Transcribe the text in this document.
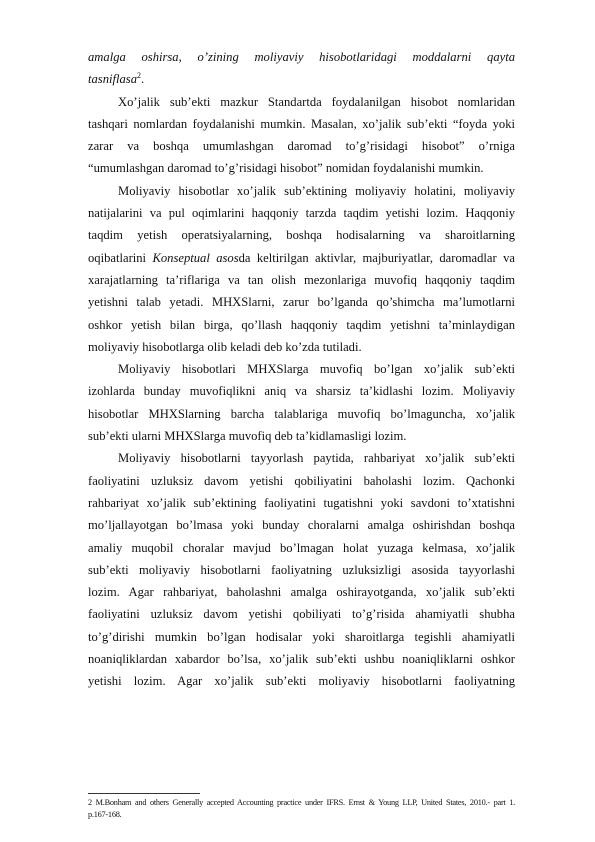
amalga oshirsa, o’zining moliyaviy hisobotlaridagi moddalarni qayta
tasniflasa$^2$.
Xo’jalik sub’ekti mazkur Standartda foydalanilgan hisobot nomlaridan
tashqari nomlardan foydalanishi mumkin. Masalan, xo’jalik sub’ekti “foyda yoki
zarar va boshqa umumlashgan daromad to’g’risidagi hisobot” o’rniga
“umumlashgan daromad to’g’risidagi hisobot” nomidan foydalanishi mumkin.
Moliyaviy hisobotlar xo’jalik sub’ektining moliyaviy holatini, moliyaviy
natijalarini va pul oqimlarini haqqoniy tarzda taqdim yetishi lozim. Haqqoniy
taqdim yetish operatsiyalarning, boshqa hodisalarning va sharoitlarning
oqibatlarini Konseptual asosda keltirilgan aktivlar, majburiyatlar, daromadlar va
xarajatlarning ta’riflariga va tan olish mezonlariga muvofiq haqqoniy taqdim
yetishni talab yetadi. MHXSlarni, zarur bo’lganda qo’shimcha ma’lumotlarni
oshkor yetish bilan birga, qo’llash haqqoniy taqdim yetishni ta’minlaydigan
moliyaviy hisobotlarga olib keladi deb ko’zda tutiladi.
Moliyaviy hisobotlari MHXSlarga muvofiq bo’lgan xo’jalik sub’ekti
izohlarda bunday muvofiqlikni aniq va sharsiz ta’kidlashi lozim. Moliyaviy
hisobotlar MHXSlarning barcha talablariga muvofiq bo’lmaguncha, xo’jalik
sub’ekti ularni MHXSlarga muvofiq deb ta’kidlamasligi lozim.
Moliyaviy hisobotlarni tayyorlash paytida, rahbariyat xo’jalik sub’ekti
faoliyatini uzluksiz davom yetishi qobiliyatini baholashi lozim. Qachonki
rahbariyat xo’jalik sub’ektining faoliyatini tugatishni yoki savdoni to’xtatishni
mo’ljallayotgan bo’lmasa yoki bunday choralarni amalga oshirishdan boshqa
amaliy muqobil choralar mavjud bo’lmagan holat yuzaga kelmasa, xo’jalik
sub’ekti moliyaviy hisobotlarni faoliyatning uzluksizligi asosida tayyorlashi
lozim. Agar rahbariyat, baholashni amalga oshirayotganda, xo’jalik sub’ekti
faoliyatini uzluksiz davom yetishi qobiliyati to’g’risida ahamiyatli shubha
to’g’dirishi mumkin bo’lgan hodisalar yoki sharoitlarga tegishli ahamiyatli
noaniqliklardan xabardor bo’lsa, xo’jalik sub’ekti ushbu noaniqliklarni oshkor
yetishi lozim. Agar xo’jalik sub’ekti moliyaviy hisobotlarni faoliyatning
2 M.Bonham and others Generally accepted Accounting practice under IFRS. Ernst & Young LLP, United States, 2010.- part 1.
p.167-168.
